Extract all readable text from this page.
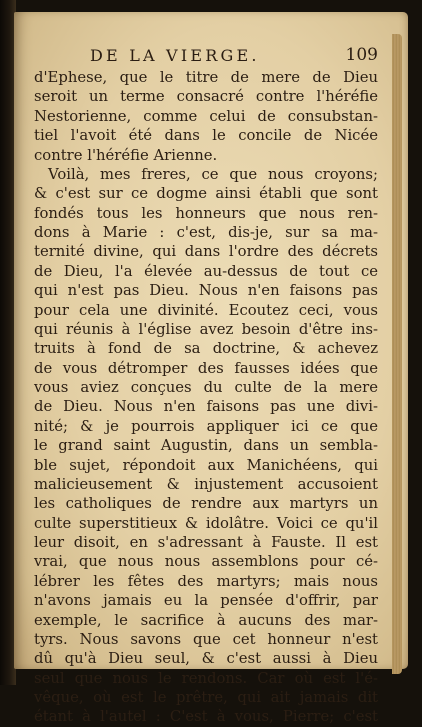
DE LA VIERGE.	109
d'Ephese, que le titre de mere de Dieu
seroit un terme consacré contre l'héréfie
Nestorienne, comme celui de consubstan-
tiel l'avoit été dans le concile de Nicée
contre l'héréfie Arienne.
Voilà, mes freres, ce que nous croyons;
& c'est sur ce dogme ainsi établi que sont
fondés tous les honneurs que nous ren-
dons à Marie : c'est, dis-je, sur sa ma-
ternité divine, qui dans l'ordre des décrets
de Dieu, l'a élevée au-dessus de tout ce
qui n'est pas Dieu. Nous n'en faisons pas
pour cela une divinité. Ecoutez ceci, vous
qui réunis à l'église avez besoin d'être ins-
truits à fond de sa doctrine, & achevez
de vous détromper des fausses idées que
vous aviez conçues du culte de la mere
de Dieu. Nous n'en faisons pas une divi-
nité; & je pourrois appliquer ici ce que
le grand saint Augustin, dans un sembla-
ble sujet, répondoit aux Manichéens, qui
malicieusement & injustement accusoient
les catholiques de rendre aux martyrs un
culte superstitieux & idolâtre. Voici ce qu'il
leur disoit, en s'adressant à Fauste. Il est
vrai, que nous nous assemblons pour cé-
lébrer les fêtes des martyrs; mais nous
n'avons jamais eu la pensée d'offrir, par
exemple, le sacrifice à aucuns des mar-
tyrs. Nous savons que cet honneur n'est
dû qu'à Dieu seul, & c'est aussi à Dieu
seul que nous le rendons. Car où est l'é-
vêque, où est le prêtre, qui ait jamais dit
étant à l'autel : C'est à vous, Pierre; c'est
